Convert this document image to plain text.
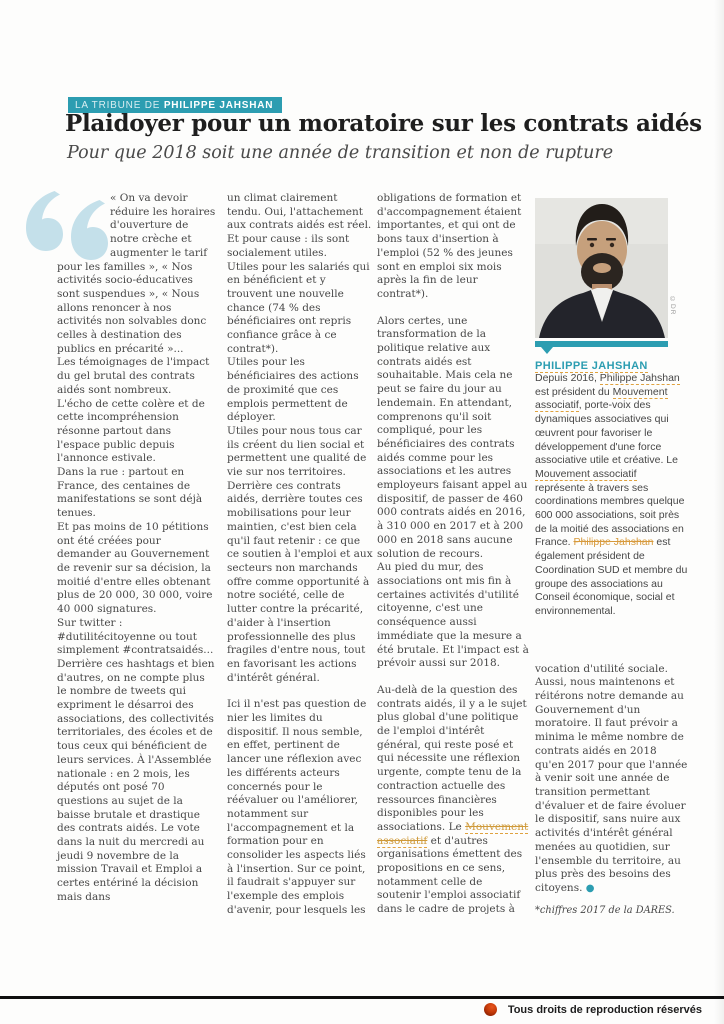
LA TRIBUNE DE PHILIPPE JAHSHAN
Plaidoyer pour un moratoire sur les contrats aidés
Pour que 2018 soit une année de transition et non de rupture

« On va devoir réduire les horaires d'ouverture de notre crèche et augmenter le tarif pour les familles », « Nos activités socio-éducatives sont suspendues », « Nous allons renoncer à nos activités non solvables donc celles à destination des publics en précarité »...

Les témoignages de l'impact du gel brutal des contrats aidés sont nombreux.

L'écho de cette colère et de cette incompréhension résonne partout dans l'espace public depuis l'annonce estivale.

Dans la rue : partout en France, des centaines de manifestations se sont déjà tenues.

Et pas moins de 10 pétitions ont été créées pour demander au Gouvernement de revenir sur sa décision, la moitié d'entre elles obtenant plus de 20 000, 30 000, voire 40 000 signatures.

Sur twitter : #dutilitécitoyenne ou tout simplement #contratsaidés... Derrière ces hashtags et bien d'autres, on ne compte plus le nombre de tweets qui expriment le désarroi des associations, des collectivités territoriales, des écoles et de tous ceux qui bénéficient de leurs services. À l'Assemblée nationale : en 2 mois, les députés ont posé 70 questions au sujet de la baisse brutale et drastique des contrats aidés. Le vote dans la nuit du mercredi au jeudi 9 novembre de la mission Travail et Emploi a certes entériné la décision mais dans

un climat clairement tendu. Oui, l'attachement aux contrats aidés est réel. Et pour cause : ils sont socialement utiles.

Utiles pour les salariés qui en bénéficient et y trouvent une nouvelle chance (74 % des bénéficiaires ont repris confiance grâce à ce contrat*).

Utiles pour les bénéficiaires des actions de proximité que ces emplois permettent de déployer.

Utiles pour nous tous car ils créent du lien social et permettent une qualité de vie sur nos territoires.

Derrière ces contrats aidés, derrière toutes ces mobilisations pour leur maintien, c'est bien cela qu'il faut retenir : ce que ce soutien à l'emploi et aux secteurs non marchands offre comme opportunité à notre société, celle de lutter contre la précarité, d'aider à l'insertion professionnelle des plus fragiles d'entre nous, tout en favorisant les actions d'intérêt général.

Ici il n'est pas question de nier les limites du dispositif. Il nous semble, en effet, pertinent de lancer une réflexion avec les différents acteurs concernés pour le réévaluer ou l'améliorer, notamment sur l'accompagnement et la formation pour en consolider les aspects liés à l'insertion. Sur ce point, il faudrait s'appuyer sur l'exemple des emplois d'avenir, pour lesquels les

obligations de formation et d'accompagnement étaient importantes, et qui ont de bons taux d'insertion à l'emploi (52 % des jeunes sont en emploi six mois après la fin de leur contrat*).

Alors certes, une transformation de la politique relative aux contrats aidés est souhaitable. Mais cela ne peut se faire du jour au lendemain. En attendant, comprenons qu'il soit compliqué, pour les bénéficiaires des contrats aidés comme pour les associations et les autres employeurs faisant appel au dispositif, de passer de 460 000 contrats aidés en 2016, à 310 000 en 2017 et à 200 000 en 2018 sans aucune solution de recours.

Au pied du mur, des associations ont mis fin à certaines activités d'utilité citoyenne, c'est une conséquence aussi immédiate que la mesure a été brutale. Et l'impact est à prévoir aussi sur 2018.

Au-delà de la question des contrats aidés, il y a le sujet plus global d'une politique de l'emploi d'intérêt général, qui reste posé et qui nécessite une réflexion urgente, compte tenu de la contraction actuelle des ressources financières disponibles pour les associations. Le Mouvement associatif et d'autres organisations émettent des propositions en ce sens, notamment celle de soutenir l'emploi associatif dans le cadre de projets à

PHILIPPE JAHSHAN

Depuis 2016, Philippe Jahshan est président du Mouvement associatif, porte-voix des dynamiques associatives qui œuvrent pour favoriser le développement d'une force associative utile et créative. Le Mouvement associatif représente à travers ses coordinations membres quelque 600 000 associations, soit près de la moitié des associations en France. Philippe Jahshan est également président de Coordination SUD et membre du groupe des associations au Conseil économique, social et environnemental.

vocation d'utilité sociale. Aussi, nous maintenons et réitérons notre demande au Gouvernement d'un moratoire. Il faut prévoir a minima le même nombre de contrats aidés en 2018 qu'en 2017 pour que l'année à venir soit une année de transition permettant d'évaluer et de faire évoluer le dispositif, sans nuire aux activités d'intérêt général menées au quotidien, sur l'ensemble du territoire, au plus près des besoins des citoyens. ●

*chiffres 2017 de la DARES.

©DR
Tous droits de reproduction réservés
